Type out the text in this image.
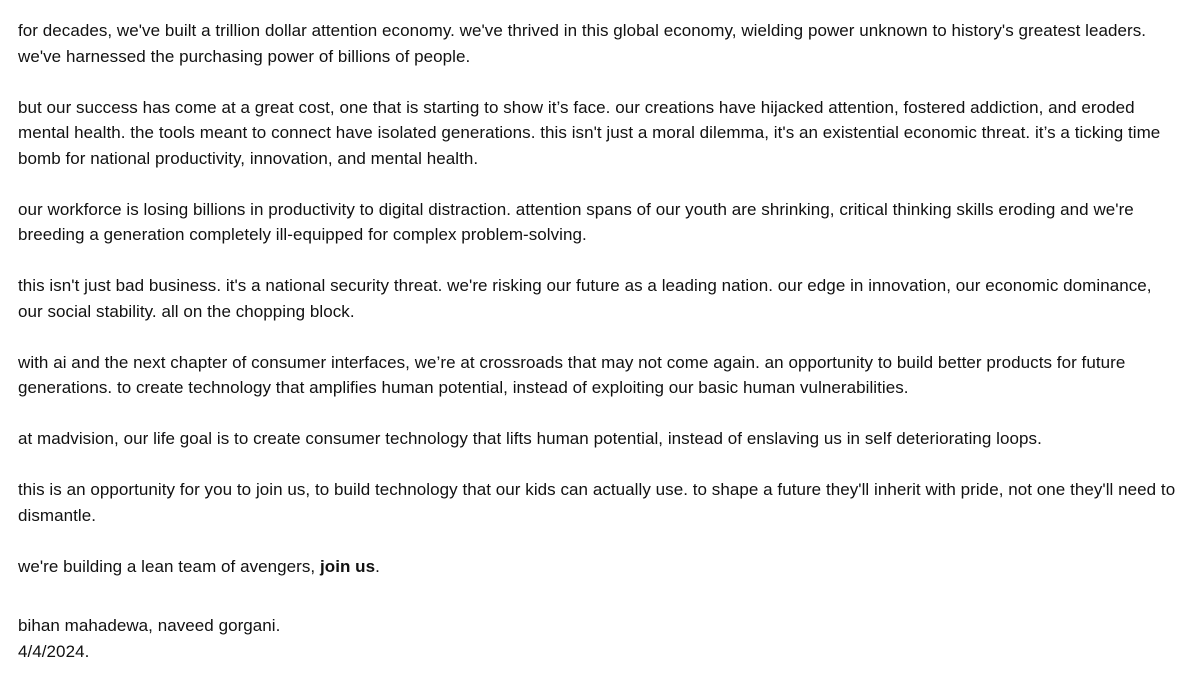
for decades, we've built a trillion dollar attention economy. we've thrived in this global economy, wielding power unknown to history's greatest leaders. we've harnessed the purchasing power of billions of people.

but our success has come at a great cost, one that is starting to show it’s face. our creations have hijacked attention, fostered addiction, and eroded mental health. the tools meant to connect have isolated generations. this isn't just a moral dilemma, it's an existential economic threat. it’s a ticking time bomb for national productivity, innovation, and mental health.

our workforce is losing billions in productivity to digital distraction. attention spans of our youth are shrinking, critical thinking skills eroding and we're breeding a generation completely ill-equipped for complex problem-solving.

this isn't just bad business. it's a national security threat. we're risking our future as a leading nation. our edge in innovation, our economic dominance, our social stability. all on the chopping block.

with ai and the next chapter of consumer interfaces, we’re at crossroads that may not come again. an opportunity to build better products for future generations. to create technology that amplifies human potential, instead of exploiting our basic human vulnerabilities.

at madvision, our life goal is to create consumer technology that lifts human potential, instead of enslaving us in self deteriorating loops.

this is an opportunity for you to join us, to build technology that our kids can actually use. to shape a future they'll inherit with pride, not one they'll need to dismantle.

we're building a lean team of avengers, join us.

bihan mahadewa, naveed gorgani.
4/4/2024.
